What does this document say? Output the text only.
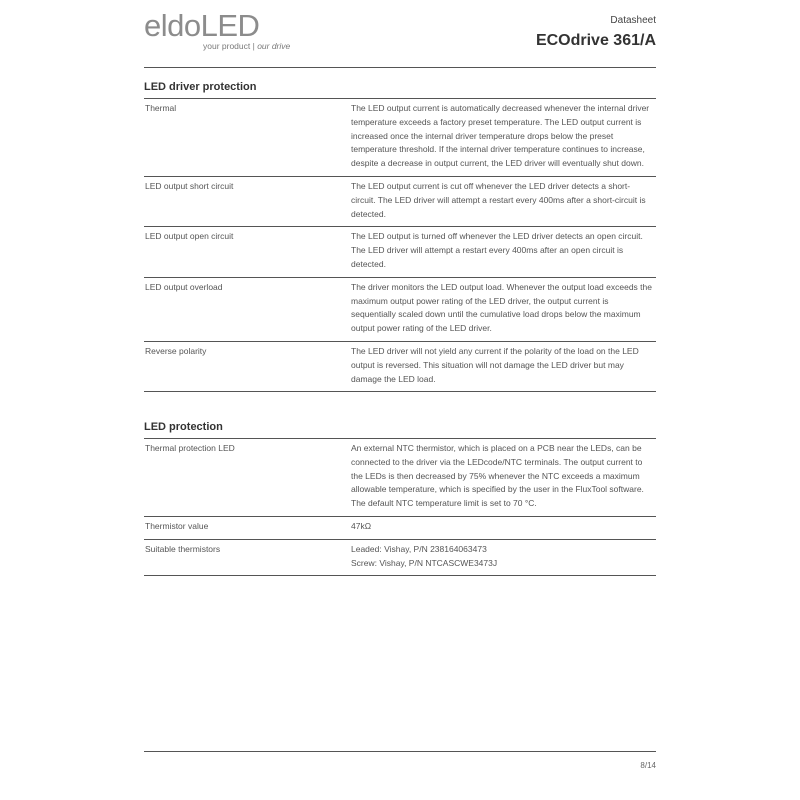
eldoLED
your product | our drive
Datasheet
ECOdrive 361/A
LED driver protection
Thermal	The LED output current is automatically decreased whenever the internal driver
temperature exceeds a factory preset temperature. The LED output current is
increased once the internal driver temperature drops below the preset
temperature threshold. If the internal driver temperature continues to increase,
despite a decrease in output current, the LED driver will eventually shut down.
LED output short circuit	The LED output current is cut off whenever the LED driver detects a short-
circuit. The LED driver will attempt a restart every 400ms after a short-circuit is
detected.
LED output open circuit	The LED output is turned off whenever the LED driver detects an open circuit.
The LED driver will attempt a restart every 400ms after an open circuit is
detected.
LED output overload	The driver monitors the LED output load. Whenever the output load exceeds the
maximum output power rating of the LED driver, the output current is
sequentially scaled down until the cumulative load drops below the maximum
output power rating of the LED driver.
Reverse polarity	The LED driver will not yield any current if the polarity of the load on the LED
output is reversed. This situation will not damage the LED driver but may
damage the LED load.
LED protection
Thermal protection LED	An external NTC thermistor, which is placed on a PCB near the LEDs, can be
connected to the driver via the LEDcode/NTC terminals. The output current to
the LEDs is then decreased by 75% whenever the NTC exceeds a maximum
allowable temperature, which is specified by the user in the FluxTool software.
The default NTC temperature limit is set to 70 °C.
Thermistor value	47kΩ
Suitable thermistors	Leaded: Vishay, P/N 238164063473
Screw: Vishay, P/N NTCASCWE3473J
8/14
